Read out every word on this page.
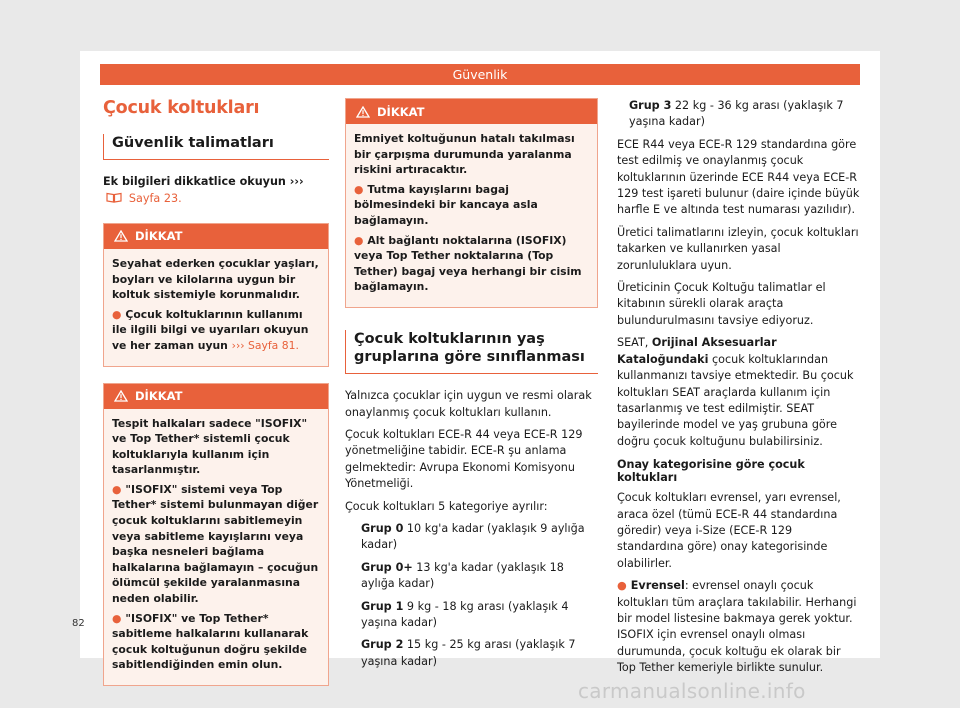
Güvenlik
Çocuk koltukları
Güvenlik talimatları

Ek bilgileri dikkatlice okuyun ›››  Sayfa 23.

DİKKAT

Seyahat ederken çocuklar yaşları, boyları ve kilolarına uygun bir koltuk sistemiyle korunmalıdır.

● Çocuk koltuklarının kullanımı ile ilgili bilgi ve uyarıları okuyun ve her zaman uyun ››› Sayfa 81.

DİKKAT

Tespit halkaları sadece "ISOFIX" ve Top Tether* sistemli çocuk koltuklarıyla kullanım için tasarlanmıştır.

● "ISOFIX" sistemi veya Top Tether* sistemi bulunmayan diğer çocuk koltuklarını sabitlemeyin veya sabitleme kayışlarını veya başka nesneleri bağlama halkalarına bağlamayın – çocuğun ölümcül şekilde yaralanmasına neden olabilir.

● "ISOFIX" ve Top Tether* sabitleme halkalarını kullanarak çocuk koltuğunun doğru şekilde sabitlendiğinden emin olun.

DİKKAT

Emniyet koltuğunun hatalı takılması bir çarpışma durumunda yaralanma riskini artıracaktır.

● Tutma kayışlarını bagaj bölmesindeki bir kancaya asla bağlamayın.

● Alt bağlantı noktalarına (ISOFIX) veya Top Tether noktalarına (Top Tether) bagaj veya herhangi bir cisim bağlamayın.

Çocuk koltuklarının yaş gruplarına göre sınıflanması

Yalnızca çocuklar için uygun ve resmi olarak onaylanmış çocuk koltukları kullanın.

Çocuk koltukları ECE-R 44 veya ECE-R 129 yönetmeliğine tabidir. ECE-R şu anlama gelmektedir: Avrupa Ekonomi Komisyonu Yönetmeliği.

Çocuk koltukları 5 kategoriye ayrılır:

Grup 0 10 kg'a kadar (yaklaşık 9 aylığa kadar)

Grup 0+ 13 kg'a kadar (yaklaşık 18 aylığa kadar)

Grup 1 9 kg - 18 kg arası (yaklaşık 4 yaşına kadar)

Grup 2 15 kg - 25 kg arası (yaklaşık 7 yaşına kadar)

Grup 3 22 kg - 36 kg arası (yaklaşık 7 yaşına kadar)

ECE R44 veya ECE-R 129 standardına göre test edilmiş ve onaylanmış çocuk koltuklarının üzerinde ECE R44 veya ECE-R 129 test işareti bulunur (daire içinde büyük harfle E ve altında test numarası yazılıdır).

Üretici talimatlarını izleyin, çocuk koltukları takarken ve kullanırken yasal zorunluluklara uyun.

Üreticinin Çocuk Koltuğu talimatlar el kitabının sürekli olarak araçta bulundurulmasını tavsiye ediyoruz.

SEAT, Orijinal Aksesuarlar Kataloğundaki çocuk koltuklarından kullanmanızı tavsiye etmektedir. Bu çocuk koltukları SEAT araçlarda kullanım için tasarlanmış ve test edilmiştir. SEAT bayilerinde model ve yaş grubuna göre doğru çocuk koltuğunu bulabilirsiniz.

Onay kategorisine göre çocuk koltukları

Çocuk koltukları evrensel, yarı evrensel, araca özel (tümü ECE-R 44 standardına göredir) veya i-Size (ECE-R 129 standardına göre) onay kategorisinde olabilirler.

● Evrensel: evrensel onaylı çocuk koltukları tüm araçlara takılabilir. Herhangi bir model listesine bakmaya gerek yoktur. ISOFIX için evrensel onaylı olması durumunda, çocuk koltuğu ek olarak bir Top Tether kemeriyle birlikte sunulur.

82
carmanualsonline.info
